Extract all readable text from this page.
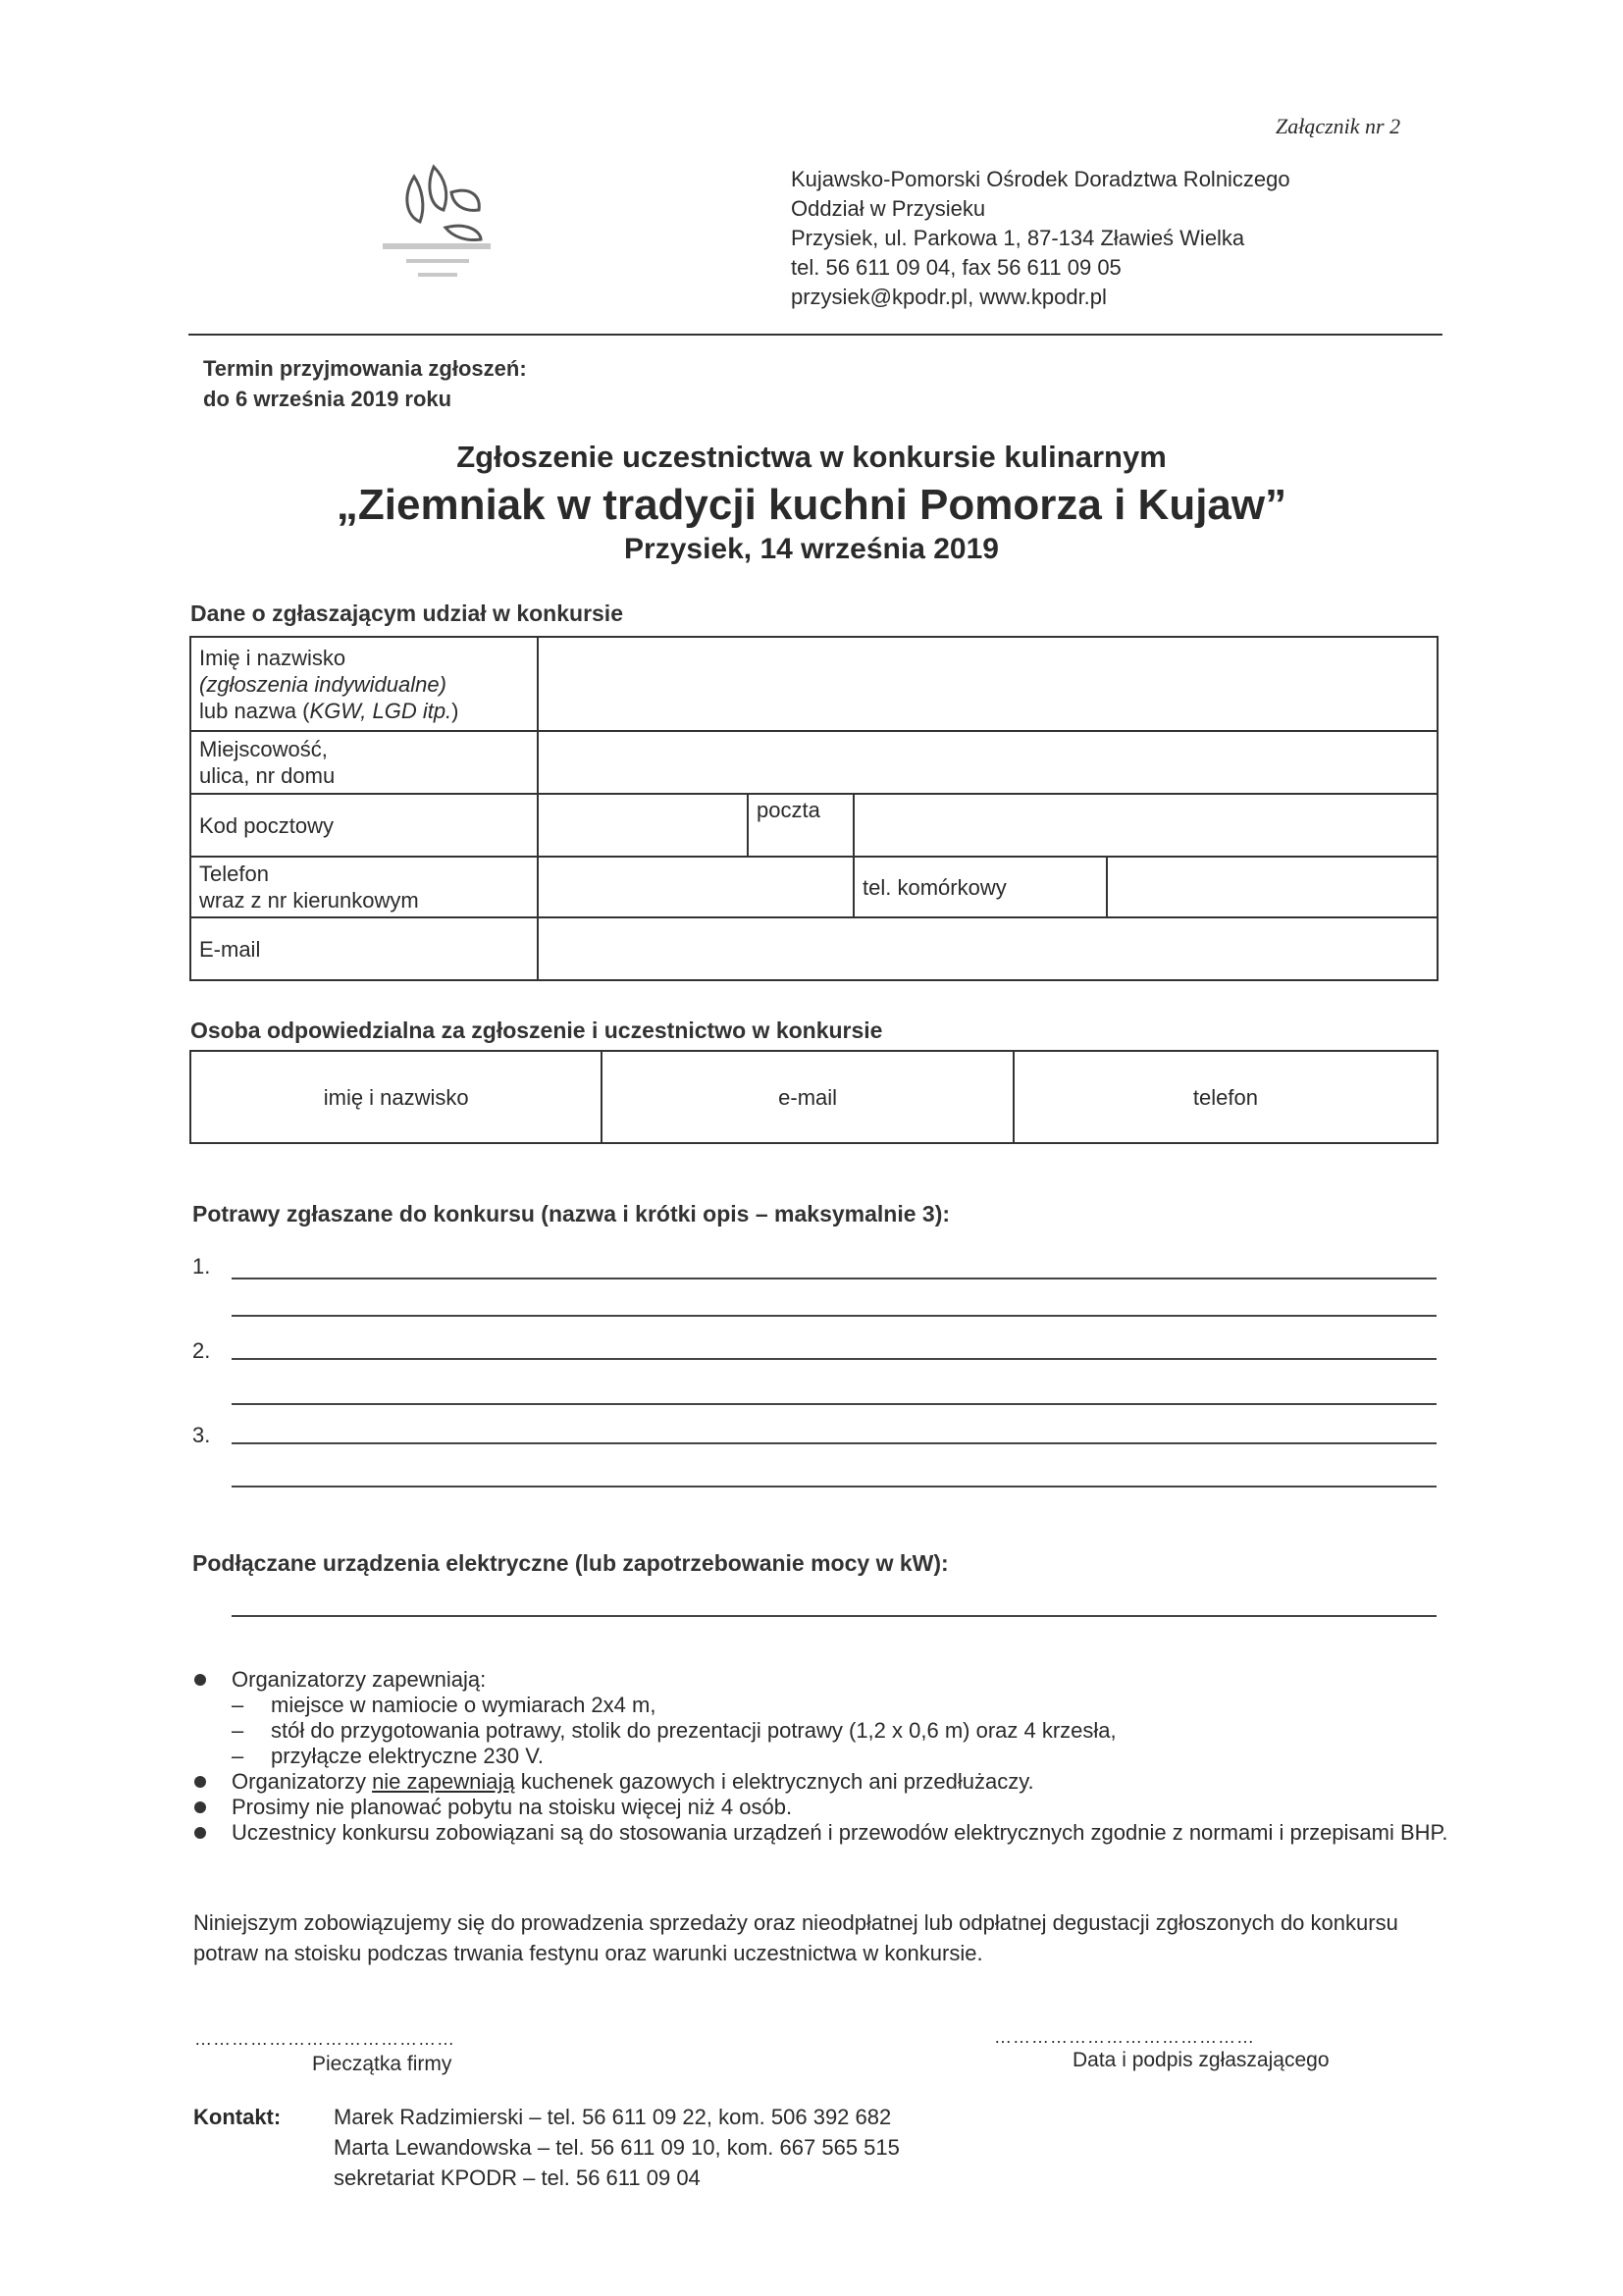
Załącznik nr 2
Kujawsko-Pomorski Ośrodek Doradztwa Rolniczego
Oddział w Przysieku
Przysiek, ul. Parkowa 1, 87-134 Zławieś Wielka
tel. 56 611 09 04, fax 56 611 09 05
przysiek@kpodr.pl, www.kpodr.pl
Termin przyjmowania zgłoszeń:
do 6 września 2019 roku
Zgłoszenie uczestnictwa w konkursie kulinarnym
„Ziemniak w tradycji kuchni Pomorza i Kujaw”
Przysiek, 14 września 2019
Dane o zgłaszającym udział w konkursie
Imię i nazwisko
(zgłoszenia indywidualne)
lub nazwa (KGW, LGD itp.)				

Miejscowość,
ulica, nr domu				

Kod pocztowy		poczta		

Telefon
wraz z nr kierunkowym			tel. komórkowy	
E-mail				
Osoba odpowiedzialna za zgłoszenie i uczestnictwo w konkursie
imię i nazwisko	e-mail	telefon
Potrawy zgłaszane do konkursu (nazwa i krótki opis – maksymalnie 3):
1.
2.
3.
Podłączane urządzenia elektryczne (lub zapotrzebowanie mocy w kW):
Organizatorzy zapewniają:
– miejsce w namiocie o wymiarach 2x4 m,
– stół do przygotowania potrawy, stolik do prezentacji potrawy (1,2 x 0,6 m) oraz 4 krzesła,
– przyłącze elektryczne 230 V.
Organizatorzy nie zapewniają kuchenek gazowych i elektrycznych ani przedłużaczy.
Prosimy nie planować pobytu na stoisku więcej niż 4 osób.
Uczestnicy konkursu zobowiązani są do stosowania urządzeń i przewodów elektrycznych zgodnie z normami i przepisami BHP.
Niniejszym zobowiązujemy się do prowadzenia sprzedaży oraz nieodpłatnej lub odpłatnej degustacji zgłoszonych do konkursu potraw na stoisku podczas trwania festynu oraz warunki uczestnictwa w konkursie.
……………………………………
Pieczątka firmy
……………………………………
Data i podpis zgłaszającego
Kontakt: Marek Radzimierski – tel. 56 611 09 22, kom. 506 392 682
Marta Lewandowska – tel. 56 611 09 10, kom. 667 565 515
sekretariat KPODR – tel. 56 611 09 04
